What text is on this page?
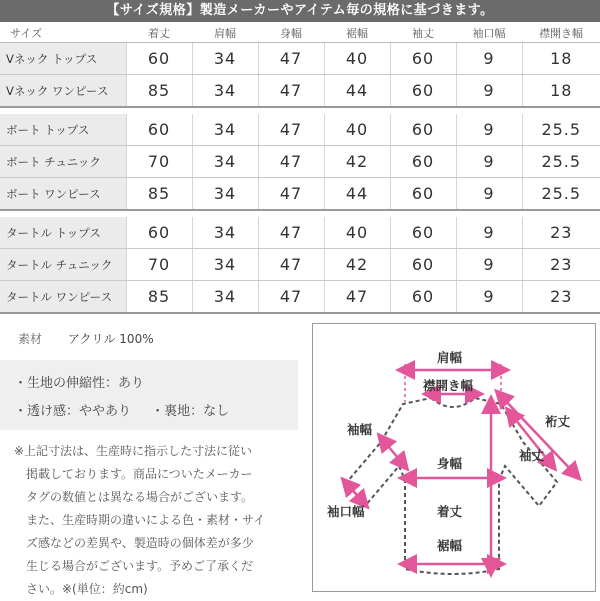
【サイズ規格】製造メーカーやアイテム毎の規格に基づきます。
サイズ	着丈	肩幅	身幅	裾幅	袖丈	袖口幅	襟開き幅
Vネック トップス	60	34	47	40	60	9	18
Vネック ワンピース	85	34	47	44	60	9	18

ボート トップス	60	34	47	40	60	9	25.5
ボート チュニック	70	34	47	42	60	9	25.5
ボート ワンピース	85	34	47	44	60	9	25.5

タートル トップス	60	34	47	40	60	9	23
タートル チュニック	70	34	47	42	60	9	23
タートル ワンピース	85	34	47	47	60	9	23
素材 アクリル 100%
・生地の伸縮性：あり
・透け感：ややあり ・裏地：なし
※上記寸法は、生産時に指示した寸法に従い
掲載しております。商品についたメーカー
タグの数値とは異なる場合がございます。
また、生産時期の違いによる色・素材・サイ
ズ感などの差異や、製造時の個体差が多少
生じる場合がございます。予めご了承くだ
さい。※(単位：約cm)
肩幅
襟開き幅
袖幅
裄丈
身幅
袖丈
袖口幅	着丈
裾幅
